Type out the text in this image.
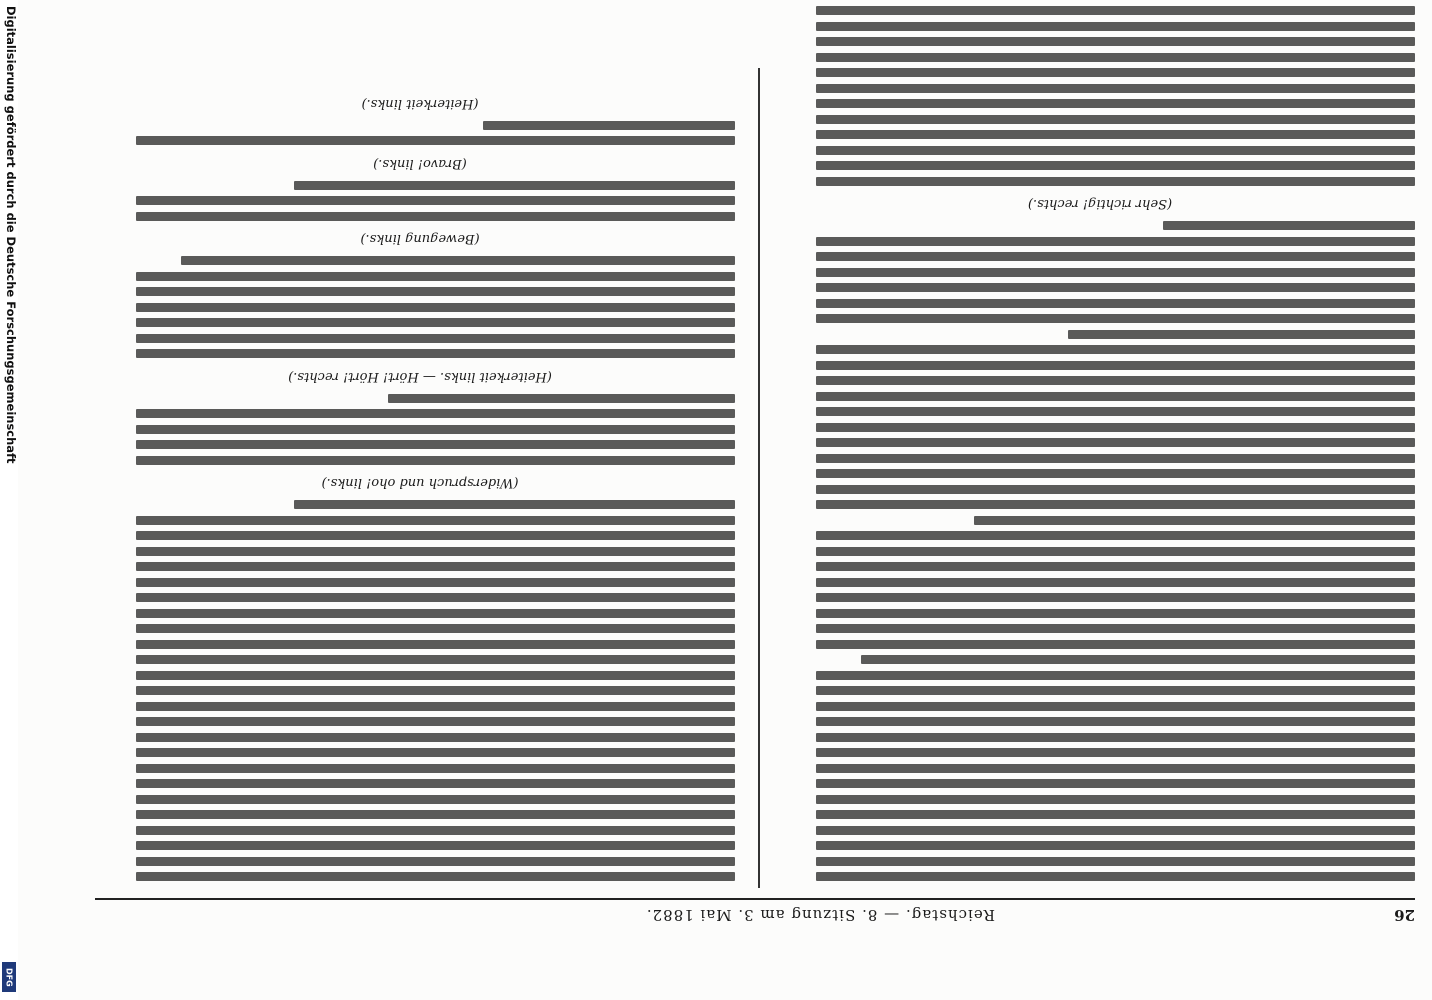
Digitalisierung gefördert durch die Deutsche Forschungsgemeinschaft
DFG
26
Reichstag. — 8. Sitzung am 3. Mai 1882.
(Sehr richtig! rechts.)
(Widerspruch und oho! links.)
(Heiterkeit links. — Hört! Hört! rechts.)
(Bewegung links.)
(Bravo! links.)
(Heiterkeit links.)
